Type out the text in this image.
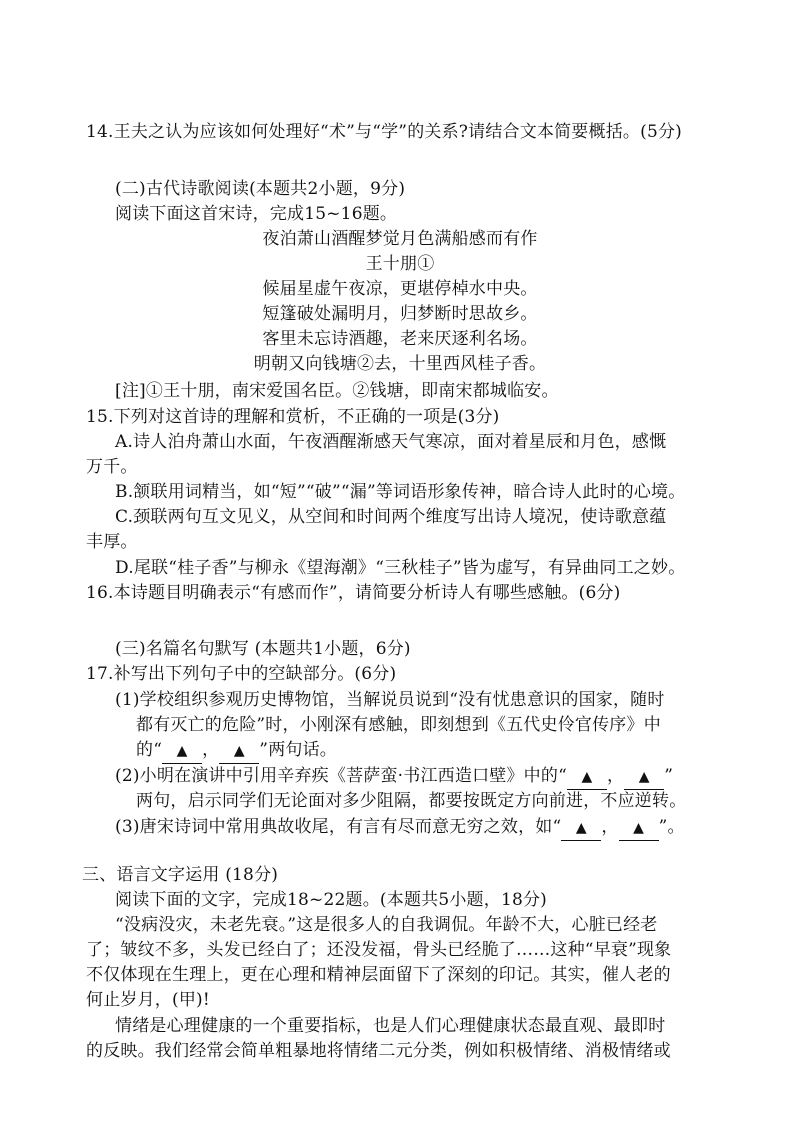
14.王夫之认为应该如何处理好“术”与“学”的关系?请结合文本简要概括。(5分)
(二)古代诗歌阅读(本题共2小题，9分)
阅读下面这首宋诗，完成15~16题。
夜泊萧山酒醒梦觉月色满船感而有作
王十朋①
候届星虚午夜凉，更堪停棹水中央。
短篷破处漏明月，归梦断时思故乡。
客里未忘诗酒趣，老来厌逐利名场。
明朝又向钱塘②去，十里西风桂子香。
[注]①王十朋，南宋爱国名臣。②钱塘，即南宋都城临安。
15.下列对这首诗的理解和赏析，不正确的一项是(3分)
A.诗人泊舟萧山水面，午夜酒醒渐感天气寒凉，面对着星辰和月色，感慨
万千。
B.颔联用词精当，如“短”“破”“漏”等词语形象传神，暗合诗人此时的心境。
C.颈联两句互文见义，从空间和时间两个维度写出诗人境况，使诗歌意蕴
丰厚。
D.尾联“桂子香”与柳永《望海潮》“三秋桂子”皆为虚写，有异曲同工之妙。
16.本诗题目明确表示“有感而作”，请简要分析诗人有哪些感触。(6分)
(三)名篇名句默写 (本题共1小题，6分)
17.补写出下列句子中的空缺部分。(6分)
(1)学校组织参观历史博物馆，当解说员说到“没有忧患意识的国家，随时
都有灭亡的危险”时，小刚深有感触，即刻想到《五代史伶官传序》中
的“ ▲ ， ▲ ”两句话。
(2)小明在演讲中引用辛弃疾《菩萨蛮·书江西造口壁》中的“ ▲ ， ▲ ”
两句，启示同学们无论面对多少阻隔，都要按既定方向前进，不应逆转。
(3)唐宋诗词中常用典故收尾，有言有尽而意无穷之效，如“ ▲ ， ▲ ”。
三、语言文字运用 (18分)
阅读下面的文字，完成18~22题。(本题共5小题，18分)
“没病没灾，未老先衰。”这是很多人的自我调侃。年龄不大，心脏已经老
了；皱纹不多，头发已经白了；还没发福，骨头已经脆了……这种“早衰”现象
不仅体现在生理上，更在心理和精神层面留下了深刻的印记。其实，催人老的
何止岁月，(甲)!
情绪是心理健康的一个重要指标，也是人们心理健康状态最直观、最即时
的反映。我们经常会简单粗暴地将情绪二元分类，例如积极情绪、消极情绪或
